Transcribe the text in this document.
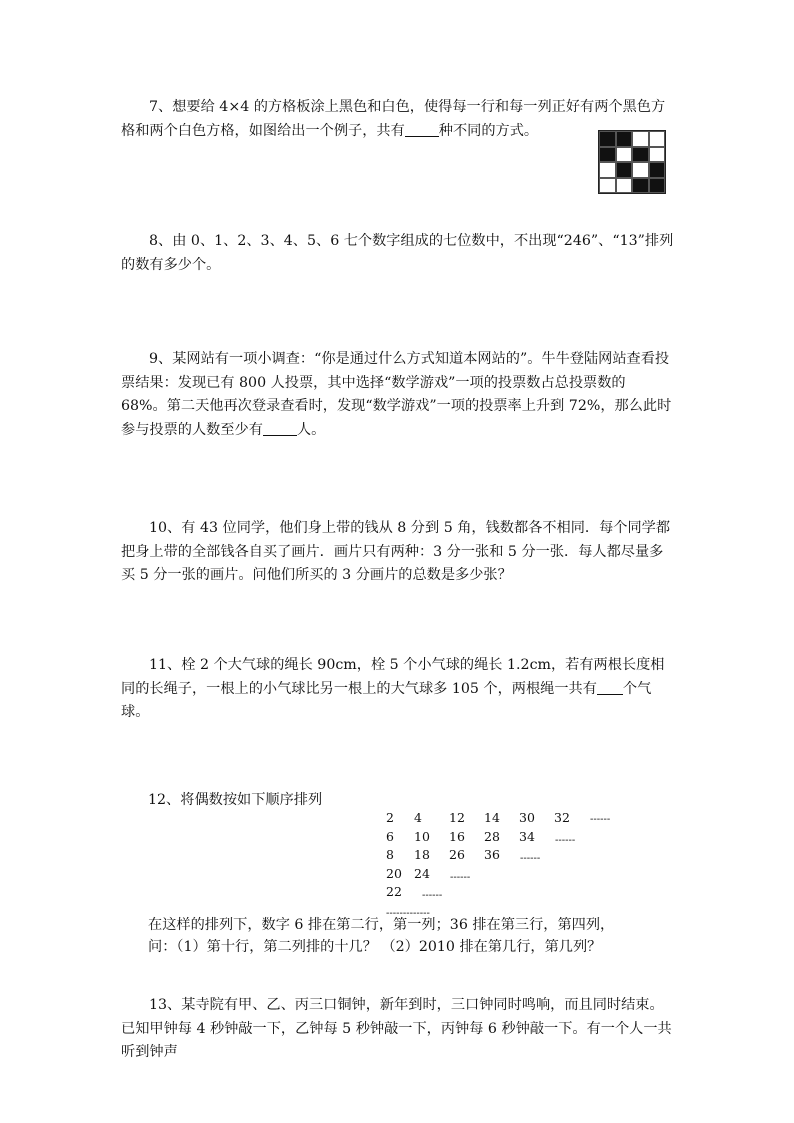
7、想要给 4×4 的方格板涂上黑色和白色，使得每一行和每一列正好有两个黑色方格和两个白色方格，如图给出一个例子，共有 种不同的方式。

8、由 0、1、2、3、4、5、6 七个数字组成的七位数中，不出现“246”、“13”排列的数有多少个。

9、某网站有一项小调查：“你是通过什么方式知道本网站的”。牛牛登陆网站查看投票结果：发现已有 800 人投票，其中选择“数学游戏”一项的投票数占总投票数的 68%。第二天他再次登录查看时，发现“数学游戏”一项的投票率上升到 72%，那么此时参与投票的人数至少有 人。

10、有 43 位同学，他们身上带的钱从 8 分到 5 角，钱数都各不相同．每个同学都把身上带的全部钱各自买了画片．画片只有两种：3 分一张和 5 分一张．每人都尽量多买 5 分一张的画片。问他们所买的 3 分画片的总数是多少张？

11、栓 2 个大气球的绳长 90cm，栓 5 个小气球的绳长 1.2cm，若有两根长度相同的长绳子，一根上的小气球比另一根上的大气球多 105 个，两根绳一共有 个气球。

12、将偶数按如下顺序排列

2 4 12 14 30 32 ------
6 10 16 28 34 ------
8 18 26 36 ------
20 24 ------
22 ------
-------------
在这样的排列下，数字 6 排在第二行，第一列；36 排在第三行，第四列，
问：（1）第十行，第二列排的十几？ （2）2010 排在第几行，第几列？

13、某寺院有甲、乙、丙三口铜钟，新年到时，三口钟同时鸣响，而且同时结束。已知甲钟每 4 秒钟敲一下，乙钟每 5 秒钟敲一下，丙钟每 6 秒钟敲一下。有一个人一共听到钟声
